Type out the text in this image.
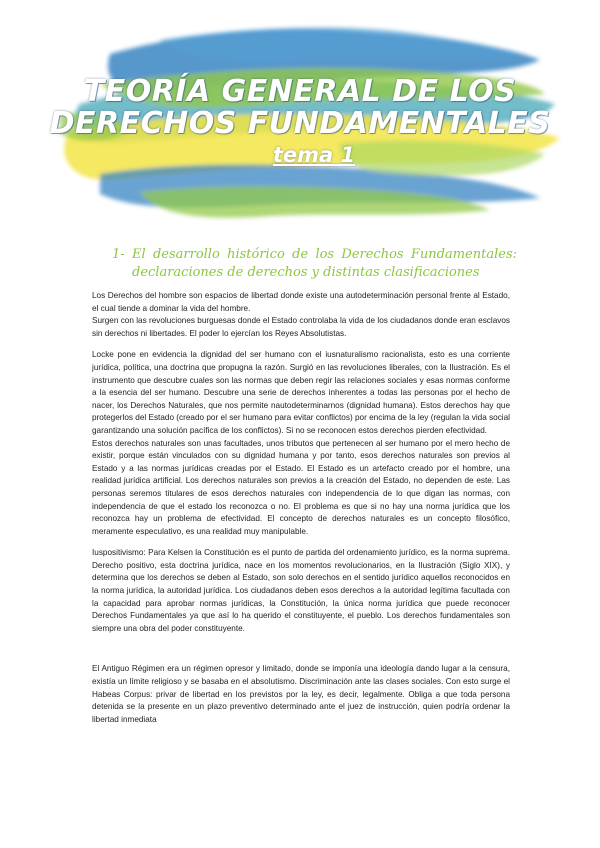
TEORÍA GENERAL DE LOS
DERECHOS FUNDAMENTALES
tema 1
1- El desarrollo histórico de los Derechos Fundamentales: declaraciones de derechos y distintas clasificaciones

Los Derechos del hombre son espacios de libertad donde existe una autodeterminación personal frente al Estado, el cual tiende a dominar la vida del hombre.

Surgen con las revoluciones burguesas donde el Estado controlaba la vida de los ciudadanos donde eran esclavos sin derechos ni libertades. El poder lo ejercían los Reyes Absolutistas.

Locke pone en evidencia la dignidad del ser humano con el iusnaturalismo racionalista, esto es una corriente jurídica, política, una doctrina que propugna la razón. Surgió en las revoluciones liberales, con la Ilustración. Es el instrumento que descubre cuales son las normas que deben regir las relaciones sociales y esas normas conforme a la esencia del ser humano. Descubre una serie de derechos inherentes a todas las personas por el hecho de nacer, los Derechos Naturales, que nos permite nautodeterminarnos (dignidad humana). Estos derechos hay que protegerlos del Estado (creado por el ser humano para evitar conflictos) por encima de la ley (regulan la vida social garantizando una solución pacífica de los conflictos). Si no se reconocen estos derechos pierden efectividad.

Estos derechos naturales son unas facultades, unos tributos que pertenecen al ser humano por el mero hecho de existir, porque están vinculados con su dignidad humana y por tanto, esos derechos naturales son previos al Estado y a las normas jurídicas creadas por el Estado. El Estado es un artefacto creado por el hombre, una realidad jurídica artificial. Los derechos naturales son previos a la creación del Estado, no dependen de este. Las personas seremos titulares de esos derechos naturales con independencia de lo que digan las normas, con independencia de que el estado los reconozca o no. El problema es que si no hay una norma jurídica que los reconozca hay un problema de efectividad. El concepto de derechos naturales es un concepto filosófico, meramente especulativo, es una realidad muy manipulable.

Iuspositivismo: Para Kelsen la Constitución es el punto de partida del ordenamiento jurídico, es la norma suprema. Derecho positivo, esta doctrina jurídica, nace en los momentos revolucionarios, en la Ilustración (Siglo XIX), y determina que los derechos se deben al Estado, son solo derechos en el sentido jurídico aquellos reconocidos en la norma jurídica, la autoridad jurídica. Los ciudadanos deben esos derechos a la autoridad legítima facultada con la capacidad para aprobar normas jurídicas, la Constitución, la única norma jurídica que puede reconocer Derechos Fundamentales ya que así lo ha querido el constituyente, el pueblo. Los derechos fundamentales son siempre una obra del poder constituyente.

El Antiguo Régimen era un régimen opresor y limitado, donde se imponía una ideología dando lugar a la censura, existía un límite religioso y se basaba en el absolutismo. Discriminación ante las clases sociales. Con esto surge el Habeas Corpus: privar de libertad en los previstos por la ley, es decir, legalmente. Obliga a que toda persona detenida se la presente en un plazo preventivo determinado ante el juez de instrucción, quien podría ordenar la libertad inmediata
